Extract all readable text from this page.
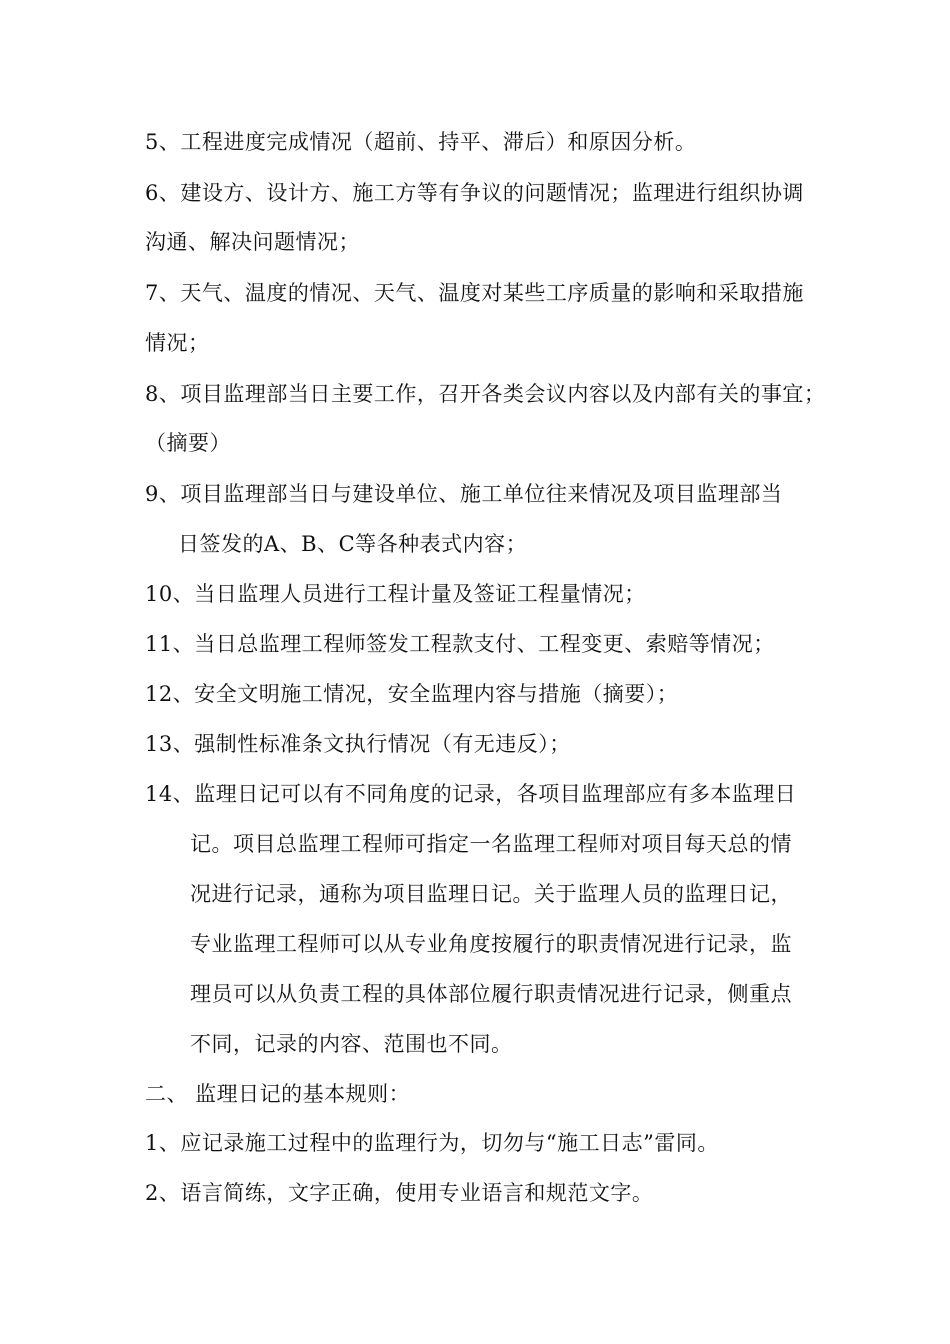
5、工程进度完成情况（超前、持平、滞后）和原因分析。
6、建设方、设计方、施工方等有争议的问题情况；监理进行组织协调
沟通、解决问题情况；
7、天气、温度的情况、天气、温度对某些工序质量的影响和采取措施
情况；
8、项目监理部当日主要工作，召开各类会议内容以及内部有关的事宜；
（摘要）
9、项目监理部当日与建设单位、施工单位往来情况及项目监理部当
日签发的A、B、C等各种表式内容；
10、当日监理人员进行工程计量及签证工程量情况；
11、当日总监理工程师签发工程款支付、工程变更、索赔等情况；
12、安全文明施工情况，安全监理内容与措施（摘要）；
13、强制性标准条文执行情况（有无违反）；
14、监理日记可以有不同角度的记录，各项目监理部应有多本监理日
记。项目总监理工程师可指定一名监理工程师对项目每天总的情
况进行记录，通称为项目监理日记。关于监理人员的监理日记，
专业监理工程师可以从专业角度按履行的职责情况进行记录，监
理员可以从负责工程的具体部位履行职责情况进行记录，侧重点
不同，记录的内容、范围也不同。
二、 监理日记的基本规则：
1、应记录施工过程中的监理行为，切勿与“施工日志”雷同。
2、语言简练，文字正确，使用专业语言和规范文字。
